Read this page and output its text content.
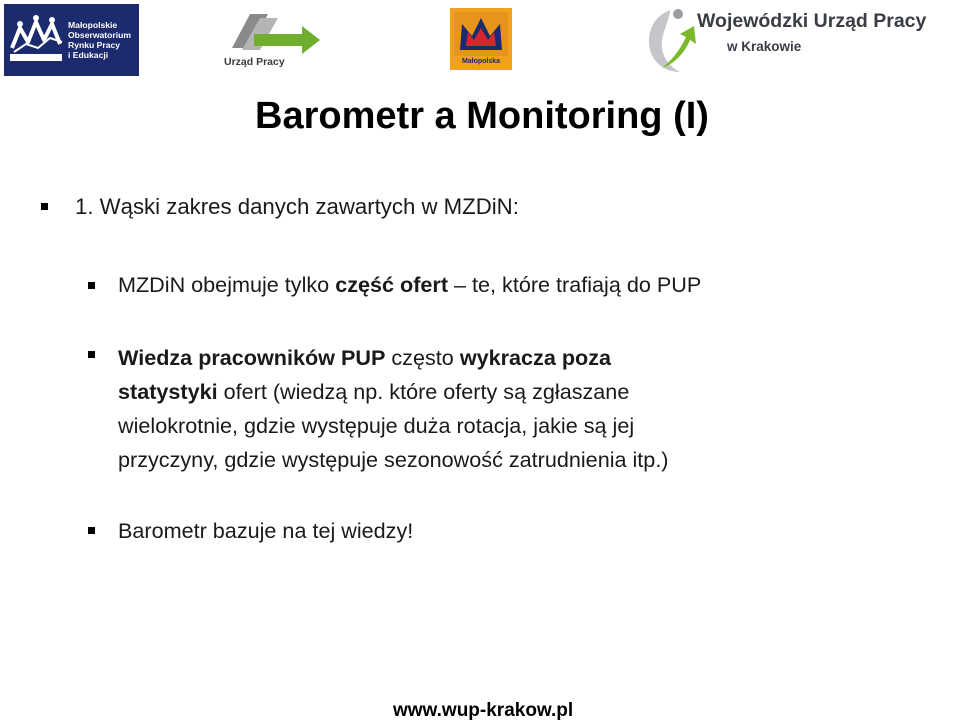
Małopolskie
Obserwatorium
Rynku Pracy
i Edukacji
Urząd Pracy	Małopolska
Wojewódzki Urząd Pracy
w Krakowie
Barometr a Monitoring (I)
1. Wąski zakres danych zawartych w MZDiN:
MZDiN obejmuje tylko część ofert – te, które trafiają do PUP
Wiedza pracowników PUP często wykracza poza
statystyki ofert (wiedzą np. które oferty są zgłaszane
wielokrotnie, gdzie występuje duża rotacja, jakie są jej
przyczyny, gdzie występuje sezonowość zatrudnienia itp.)
Barometr bazuje na tej wiedzy!
www.wup-krakow.pl
